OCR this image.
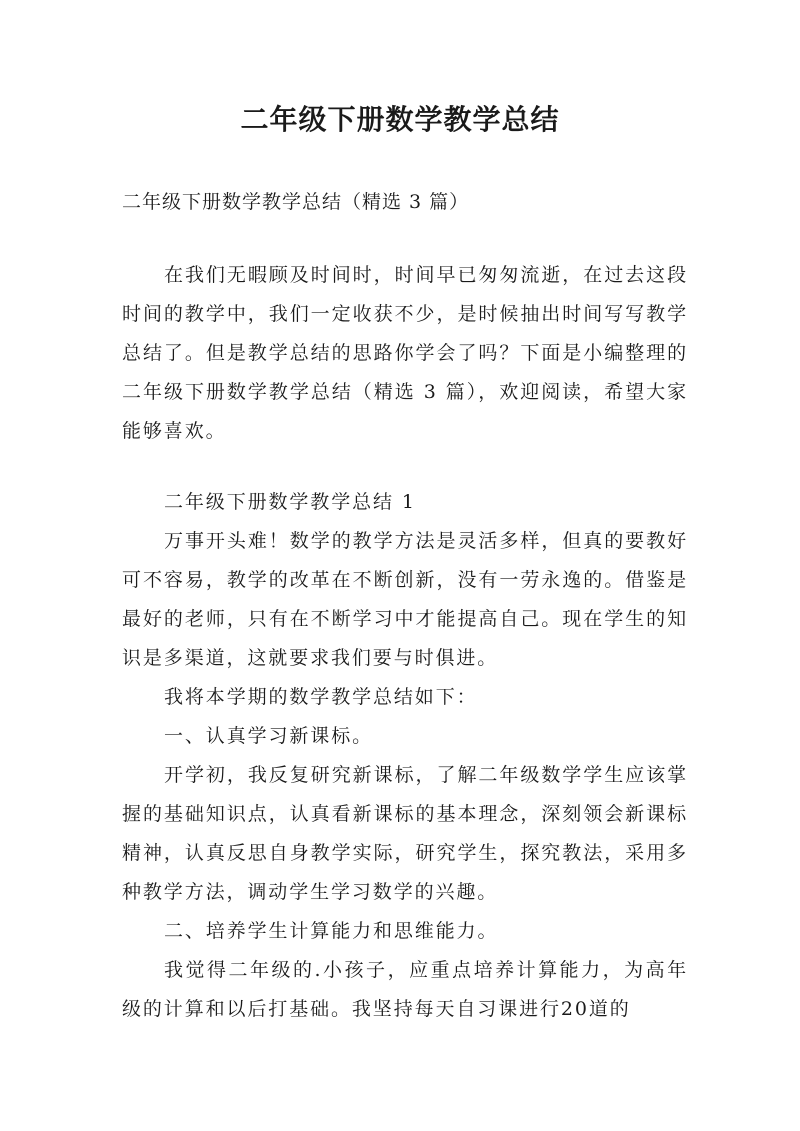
二年级下册数学教学总结

二年级下册数学教学总结（精选 3 篇）

在我们无暇顾及时间时，时间早已匆匆流逝，在过去这段时间的教学中，我们一定收获不少，是时候抽出时间写写教学总结了。但是教学总结的思路你学会了吗？下面是小编整理的二年级下册数学教学总结（精选 3 篇），欢迎阅读，希望大家能够喜欢。

二年级下册数学教学总结 1

万事开头难！数学的教学方法是灵活多样，但真的要教好可不容易，教学的改革在不断创新，没有一劳永逸的。借鉴是最好的老师，只有在不断学习中才能提高自己。现在学生的知识是多渠道，这就要求我们要与时俱进。

我将本学期的数学教学总结如下：

一、认真学习新课标。

开学初，我反复研究新课标，了解二年级数学学生应该掌握的基础知识点，认真看新课标的基本理念，深刻领会新课标精神，认真反思自身教学实际，研究学生，探究教法，采用多种教学方法，调动学生学习数学的兴趣。

二、培养学生计算能力和思维能力。

我觉得二年级的.小孩子，应重点培养计算能力，为高年级的计算和以后打基础。我坚持每天自习课进行20道的
